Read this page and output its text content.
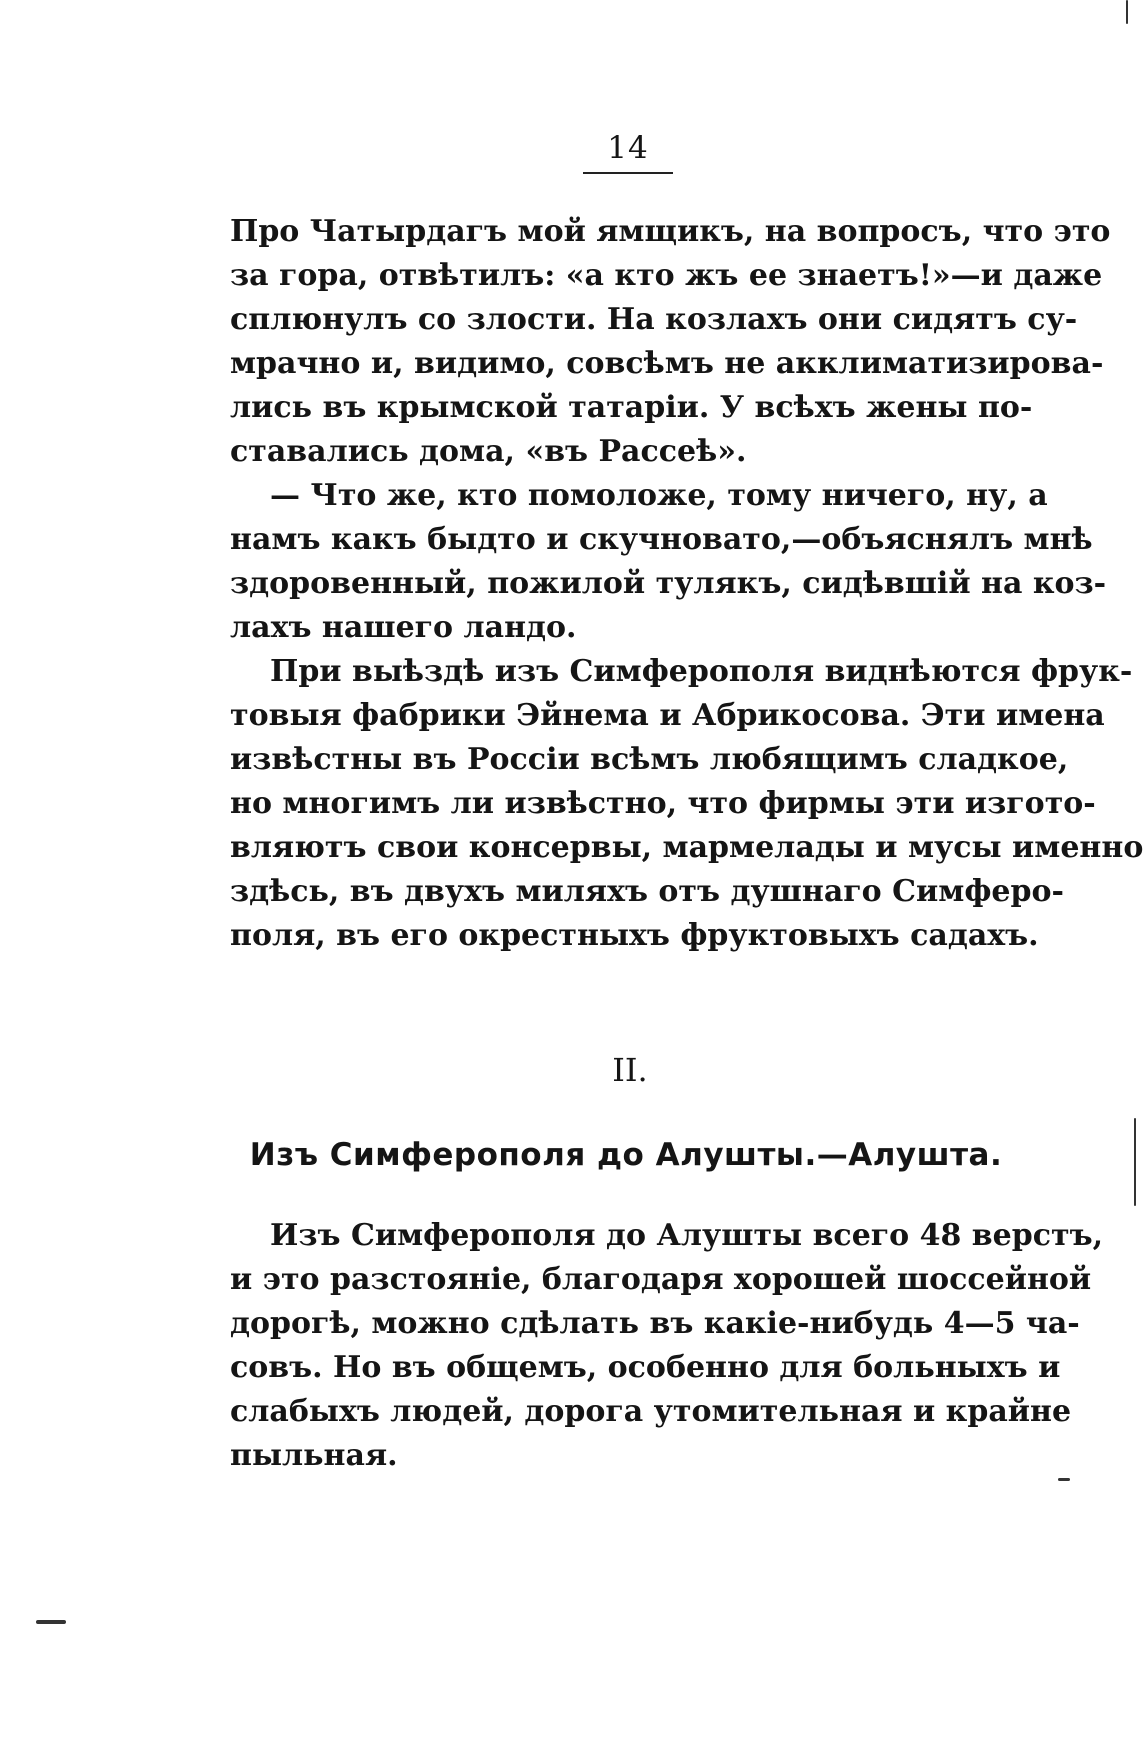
14
Про Чатырдагъ мой ямщикъ, на вопросъ, что это
за гора, отвѣтилъ: «а кто жъ ее знаетъ!»—и даже
сплюнулъ со злости. На козлахъ они сидятъ су-
мрачно и, видимо, совсѣмъ не акклиматизирова-
лись въ крымской татаріи. У всѣхъ жены по-
ставались дома, «въ Рассеѣ».
— Что же, кто помоложе, тому ничего, ну, а
намъ какъ быдто и скучновато,—объяснялъ мнѣ
здоровенный, пожилой тулякъ, сидѣвшій на коз-
лахъ нашего ландо.
При выѣздѣ изъ Симферополя виднѣются фрук-
товыя фабрики Эйнема и Абрикосова. Эти имена
извѣстны въ Россіи всѣмъ любящимъ сладкое,
но многимъ ли извѣстно, что фирмы эти изгото-
вляютъ свои консервы, мармелады и мусы именно
здѣсь, въ двухъ миляхъ отъ душнаго Симферо-
поля, въ его окрестныхъ фруктовыхъ садахъ.
II.
Изъ Симферополя до Алушты.—Алушта.
Изъ Симферополя до Алушты всего 48 верстъ,
и это разстояніе, благодаря хорошей шоссейной
дорогѣ, можно сдѣлать въ какіе-нибудь 4—5 ча-
совъ. Но въ общемъ, особенно для больныхъ и
слабыхъ людей, дорога утомительная и крайне
пыльная.
